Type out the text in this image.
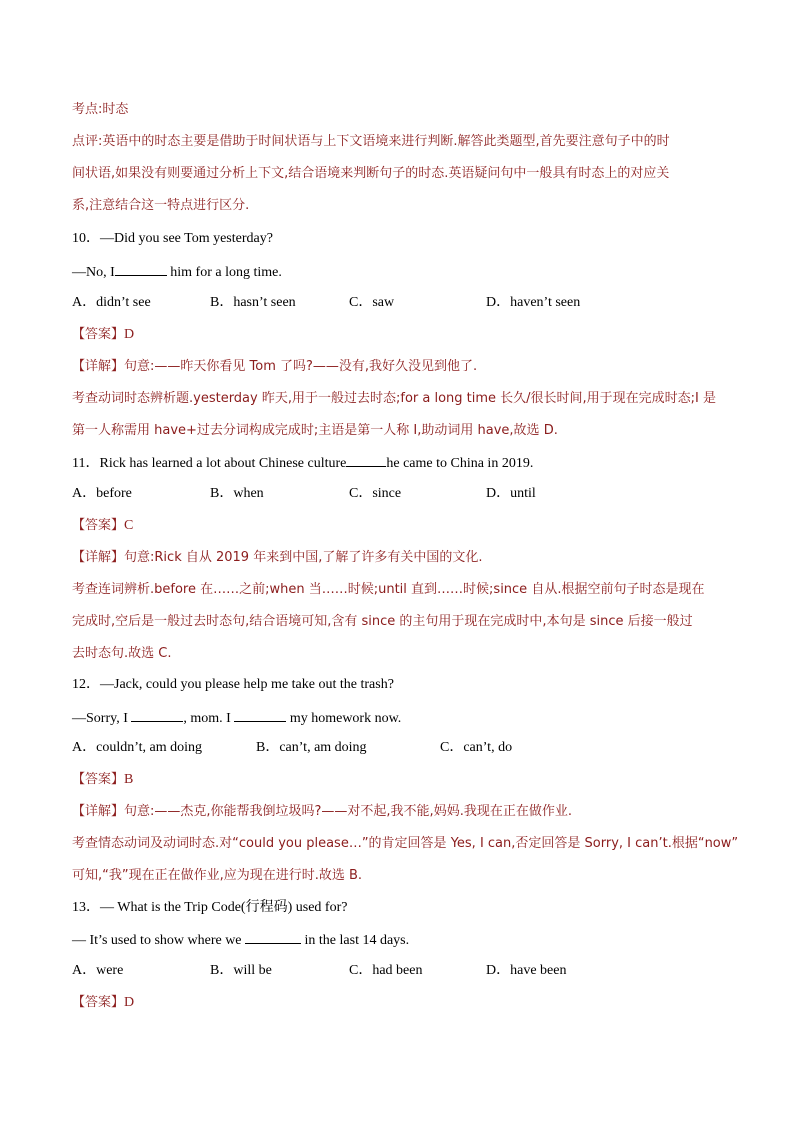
考点:时态
点评:英语中的时态主要是借助于时间状语与上下文语境来进行判断.解答此类题型,首先要注意句子中的时
间状语,如果没有则要通过分析上下文,结合语境来判断句子的时态.英语疑问句中一般具有时态上的对应关
系,注意结合这一特点进行区分.
10．—Did you see Tom yesterday?
—No, I	him for a long time.
A．didn’t see	B．hasn’t seen	C．saw	D．haven’t seen
【答案】D
【详解】句意:——昨天你看见 Tom 了吗?——没有,我好久没见到他了.
考查动词时态辨析题.yesterday 昨天,用于一般过去时态;for a long time 长久/很长时间,用于现在完成时态;I 是
第一人称需用 have+过去分词构成完成时;主语是第一人称 I,助动词用 have,故选 D.
11．Rick has learned a lot about Chinese culture	he came to China in 2019.
A．before	B．when	C．since	D．until
【答案】C
【详解】句意:Rick 自从 2019 年来到中国,了解了许多有关中国的文化.
考查连词辨析.before 在……之前;when 当……时候;until 直到……时候;since 自从.根据空前句子时态是现在
完成时,空后是一般过去时态句,结合语境可知,含有 since 的主句用于现在完成时中,本句是 since 后接一般过
去时态句.故选 C.
12．—Jack, could you please help me take out the trash?
—Sorry, I	, mom. I	my homework now.
A．couldn’t, am doing	B．can’t, am doing	C．can’t, do
【答案】B
【详解】句意:——杰克,你能帮我倒垃圾吗?——对不起,我不能,妈妈.我现在正在做作业.
考查情态动词及动词时态.对“could you please…”的肯定回答是 Yes, I can,否定回答是 Sorry, I can’t.根据“now”
可知,“我”现在正在做作业,应为现在进行时.故选 B.
13．— What is the Trip Code(行程码) used for?
— It’s used to show where we	in the last 14 days.
A．were	B．will be	C．had been	D．have been
【答案】D
